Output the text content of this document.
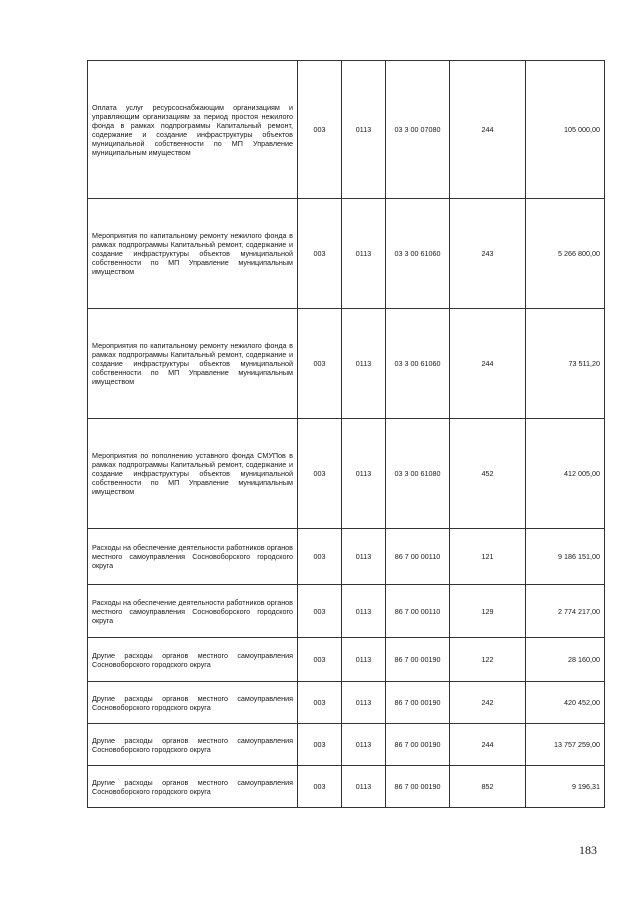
Оплата услуг ресурсоснабжающим организациям и управляющим организациям за период простоя нежилого фонда в рамках подпрограммы Капитальный ремонт, содержание и создание инфраструктуры объектов муниципальной собственности по МП Управление муниципальным имуществом	003	0113	03 3 00 07080	244	105 000,00
Мероприятия по капитальному ремонту нежилого фонда в рамках подпрограммы Капитальный ремонт, содержание и создание инфраструктуры объектов муниципальной собственности по МП Управление муниципальным имуществом	003	0113	03 3 00 61060	243	5 266 800,00
Мероприятия по капитальному ремонту нежилого фонда в рамках подпрограммы Капитальный ремонт, содержание и создание инфраструктуры объектов муниципальной собственности по МП Управление муниципальным имуществом	003	0113	03 3 00 61060	244	73 511,20
Мероприятия по пополнению уставного фонда СМУПов в рамках подпрограммы Капитальный ремонт, содержание и создание инфраструктуры объектов муниципальной собственности по МП Управление муниципальным имуществом	003	0113	03 3 00 61080	452	412 005,00
Расходы на обеспечение деятельности работников органов местного самоуправления Сосновоборского городского округа	003	0113	86 7 00 00110	121	9 186 151,00
Расходы на обеспечение деятельности работников органов местного самоуправления Сосновоборского городского округа	003	0113	86 7 00 00110	129	2 774 217,00
Другие расходы органов местного самоуправления Сосновоборского городского округа	003	0113	86 7 00 00190	122	28 160,00
Другие расходы органов местного самоуправления Сосновоборского городского округа	003	0113	86 7 00 00190	242	420 452,00
Другие расходы органов местного самоуправления Сосновоборского городского округа	003	0113	86 7 00 00190	244	13 757 259,00
Другие расходы органов местного самоуправления Сосновоборского городского округа	003	0113	86 7 00 00190	852	9 196,31
183
